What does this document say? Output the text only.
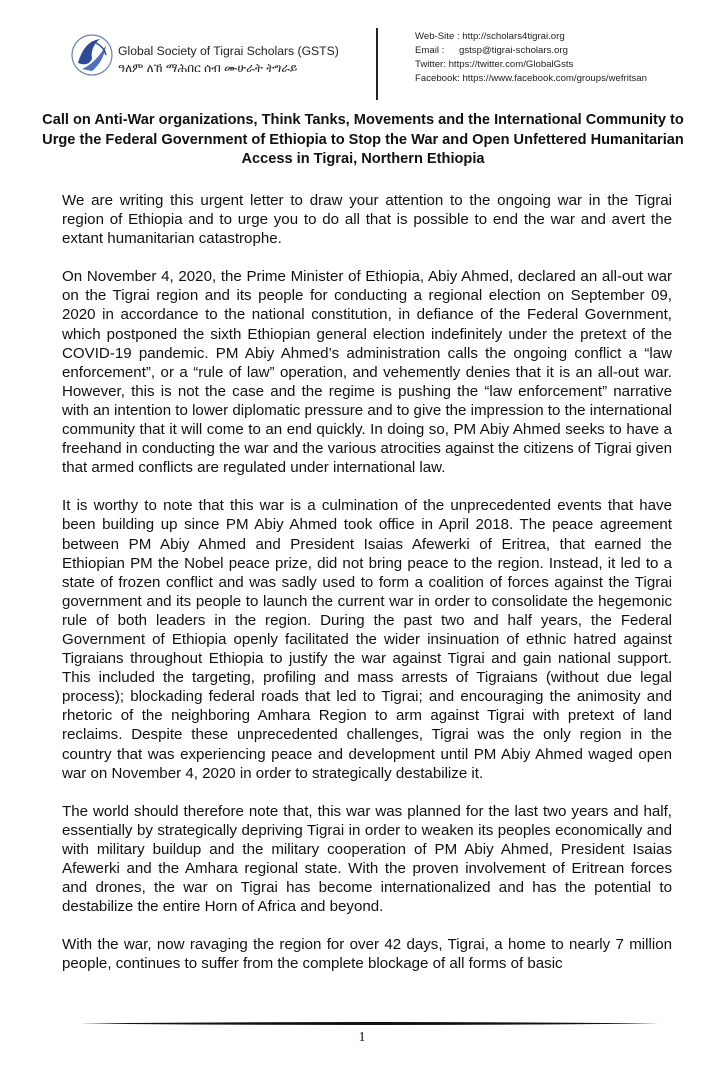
Global Society of Tigrai Scholars (GSTS)
ዓለም ለኸ ማሕበር ሰብ ሙሁራት ትግራይ
Web-Site : http://scholars4tigrai.org
Email : gstsp@tigrai-scholars.org
Twitter: https://twitter.com/GlobalGsts
Facebook: https://www.facebook.com/groups/wefritsan
Call on Anti-War organizations, Think Tanks, Movements and the International Community to Urge the Federal Government of Ethiopia to Stop the War and Open Unfettered Humanitarian Access in Tigrai, Northern Ethiopia

We are writing this urgent letter to draw your attention to the ongoing war in the Tigrai region of Ethiopia and to urge you to do all that is possible to end the war and avert the extant humanitarian catastrophe.

On November 4, 2020, the Prime Minister of Ethiopia, Abiy Ahmed, declared an all-out war on the Tigrai region and its people for conducting a regional election on September 09, 2020 in accordance to the national constitution, in defiance of the Federal Government, which postponed the sixth Ethiopian general election indefinitely under the pretext of the COVID-19 pandemic. PM Abiy Ahmed’s administration calls the ongoing conflict a “law enforcement”, or a “rule of law” operation, and vehemently denies that it is an all-out war. However, this is not the case and the regime is pushing the “law enforcement” narrative with an intention to lower diplomatic pressure and to give the impression to the international community that it will come to an end quickly. In doing so, PM Abiy Ahmed seeks to have a freehand in conducting the war and the various atrocities against the citizens of Tigrai given that armed conflicts are regulated under international law.

It is worthy to note that this war is a culmination of the unprecedented events that have been building up since PM Abiy Ahmed took office in April 2018. The peace agreement between PM Abiy Ahmed and President Isaias Afewerki of Eritrea, that earned the Ethiopian PM the Nobel peace prize, did not bring peace to the region. Instead, it led to a state of frozen conflict and was sadly used to form a coalition of forces against the Tigrai government and its people to launch the current war in order to consolidate the hegemonic rule of both leaders in the region. During the past two and half years, the Federal Government of Ethiopia openly facilitated the wider insinuation of ethnic hatred against Tigraians throughout Ethiopia to justify the war against Tigrai and gain national support. This included the targeting, profiling and mass arrests of Tigraians (without due legal process); blockading federal roads that led to Tigrai; and encouraging the animosity and rhetoric of the neighboring Amhara Region to arm against Tigrai with pretext of land reclaims. Despite these unprecedented challenges, Tigrai was the only region in the country that was experiencing peace and development until PM Abiy Ahmed waged open war on November 4, 2020 in order to strategically destabilize it.

The world should therefore note that, this war was planned for the last two years and half, essentially by strategically depriving Tigrai in order to weaken its peoples economically and with military buildup and the military cooperation of PM Abiy Ahmed, President Isaias Afewerki and the Amhara regional state. With the proven involvement of Eritrean forces and drones, the war on Tigrai has become internationalized and has the potential to destabilize the entire Horn of Africa and beyond.

With the war, now ravaging the region for over 42 days, Tigrai, a home to nearly 7 million people, continues to suffer from the complete blockage of all forms of basic

1
